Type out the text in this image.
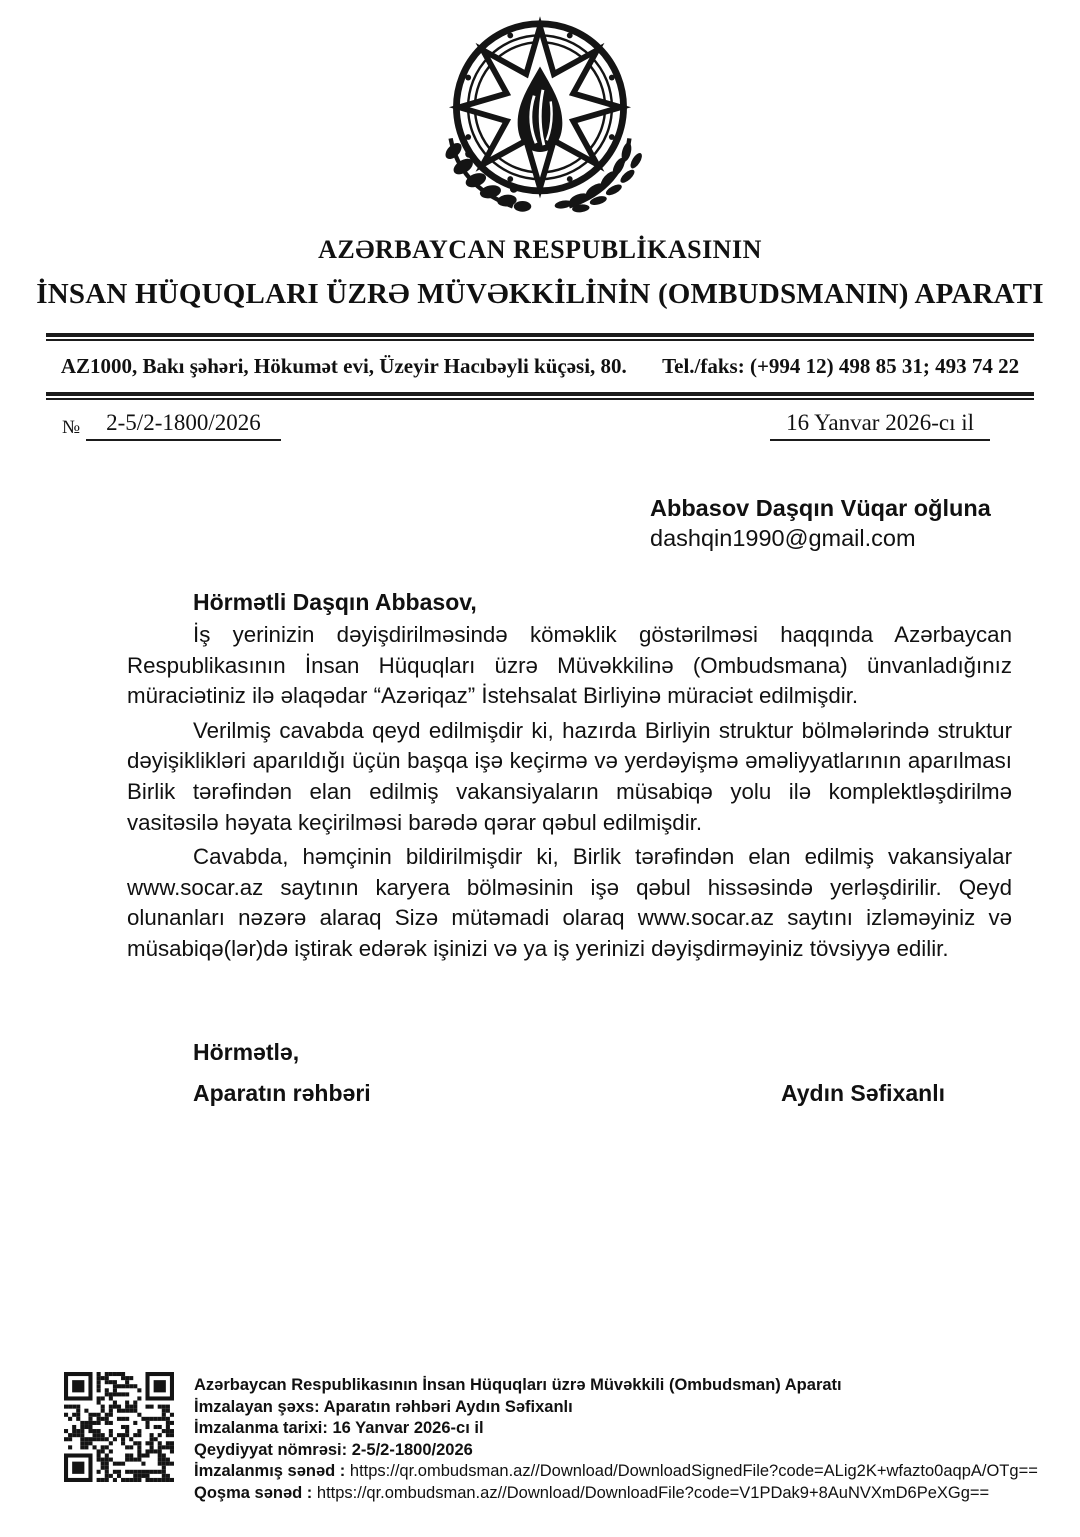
AZƏRBAYCAN RESPUBLİKASININ
İNSAN HÜQUQLARI ÜZRƏ MÜVƏKKİLİNİN (OMBUDSMANIN) APARATI
AZ1000, Bakı şəhəri, Hökumət evi, Üzeyir Hacıbəyli küçəsi, 80. Tel./faks: (+994 12) 498 85 31; 493 74 22
№	2-5/2-1800/2026	16 Yanvar 2026-cı il
Abbasov Daşqın Vüqar oğluna
dashqin1990@gmail.com
Hörmətli Daşqın Abbasov,

İş yerinizin dəyişdirilməsində köməklik göstərilməsi haqqında Azərbaycan Respublikasının İnsan Hüquqları üzrə Müvəkkilinə (Ombudsmana) ünvanladığınız müraciətiniz ilə əlaqədar “Azəriqaz” İstehsalat Birliyinə müraciət edilmişdir.

Verilmiş cavabda qeyd edilmişdir ki, hazırda Birliyin struktur bölmələrində struktur dəyişiklikləri aparıldığı üçün başqa işə keçirmə və yerdəyişmə əməliyyatlarının aparılması Birlik tərəfindən elan edilmiş vakansiyaların müsabiqə yolu ilə komplektləşdirilmə vasitəsilə həyata keçirilməsi barədə qərar qəbul edilmişdir.

Cavabda, həmçinin bildirilmişdir ki, Birlik tərəfindən elan edilmiş vakansiyalar www.socar.az saytının karyera bölməsinin işə qəbul hissəsində yerləşdirilir. Qeyd olunanları nəzərə alaraq Sizə mütəmadi olaraq www.socar.az saytını izləməyiniz və müsabiqə(lər)də iştirak edərək işinizi və ya iş yerinizi dəyişdirməyiniz tövsiyyə edilir.

Hörmətlə,
Aparatın rəhbəri	Aydın Səfixanlı
Azərbaycan Respublikasının İnsan Hüquqları üzrə Müvəkkili (Ombudsman) Aparatı
İmzalayan şəxs: Aparatın rəhbəri Aydın Səfixanlı
İmzalanma tarixi: 16 Yanvar 2026-cı il
Qeydiyyat nömrəsi: 2-5/2-1800/2026
İmzalanmış sənəd : https://qr.ombudsman.az//Download/DownloadSignedFile?code=ALig2K+wfazto0aqpA/OTg==
Qoşma sənəd : https://qr.ombudsman.az//Download/DownloadFile?code=V1PDak9+8AuNVXmD6PeXGg==
